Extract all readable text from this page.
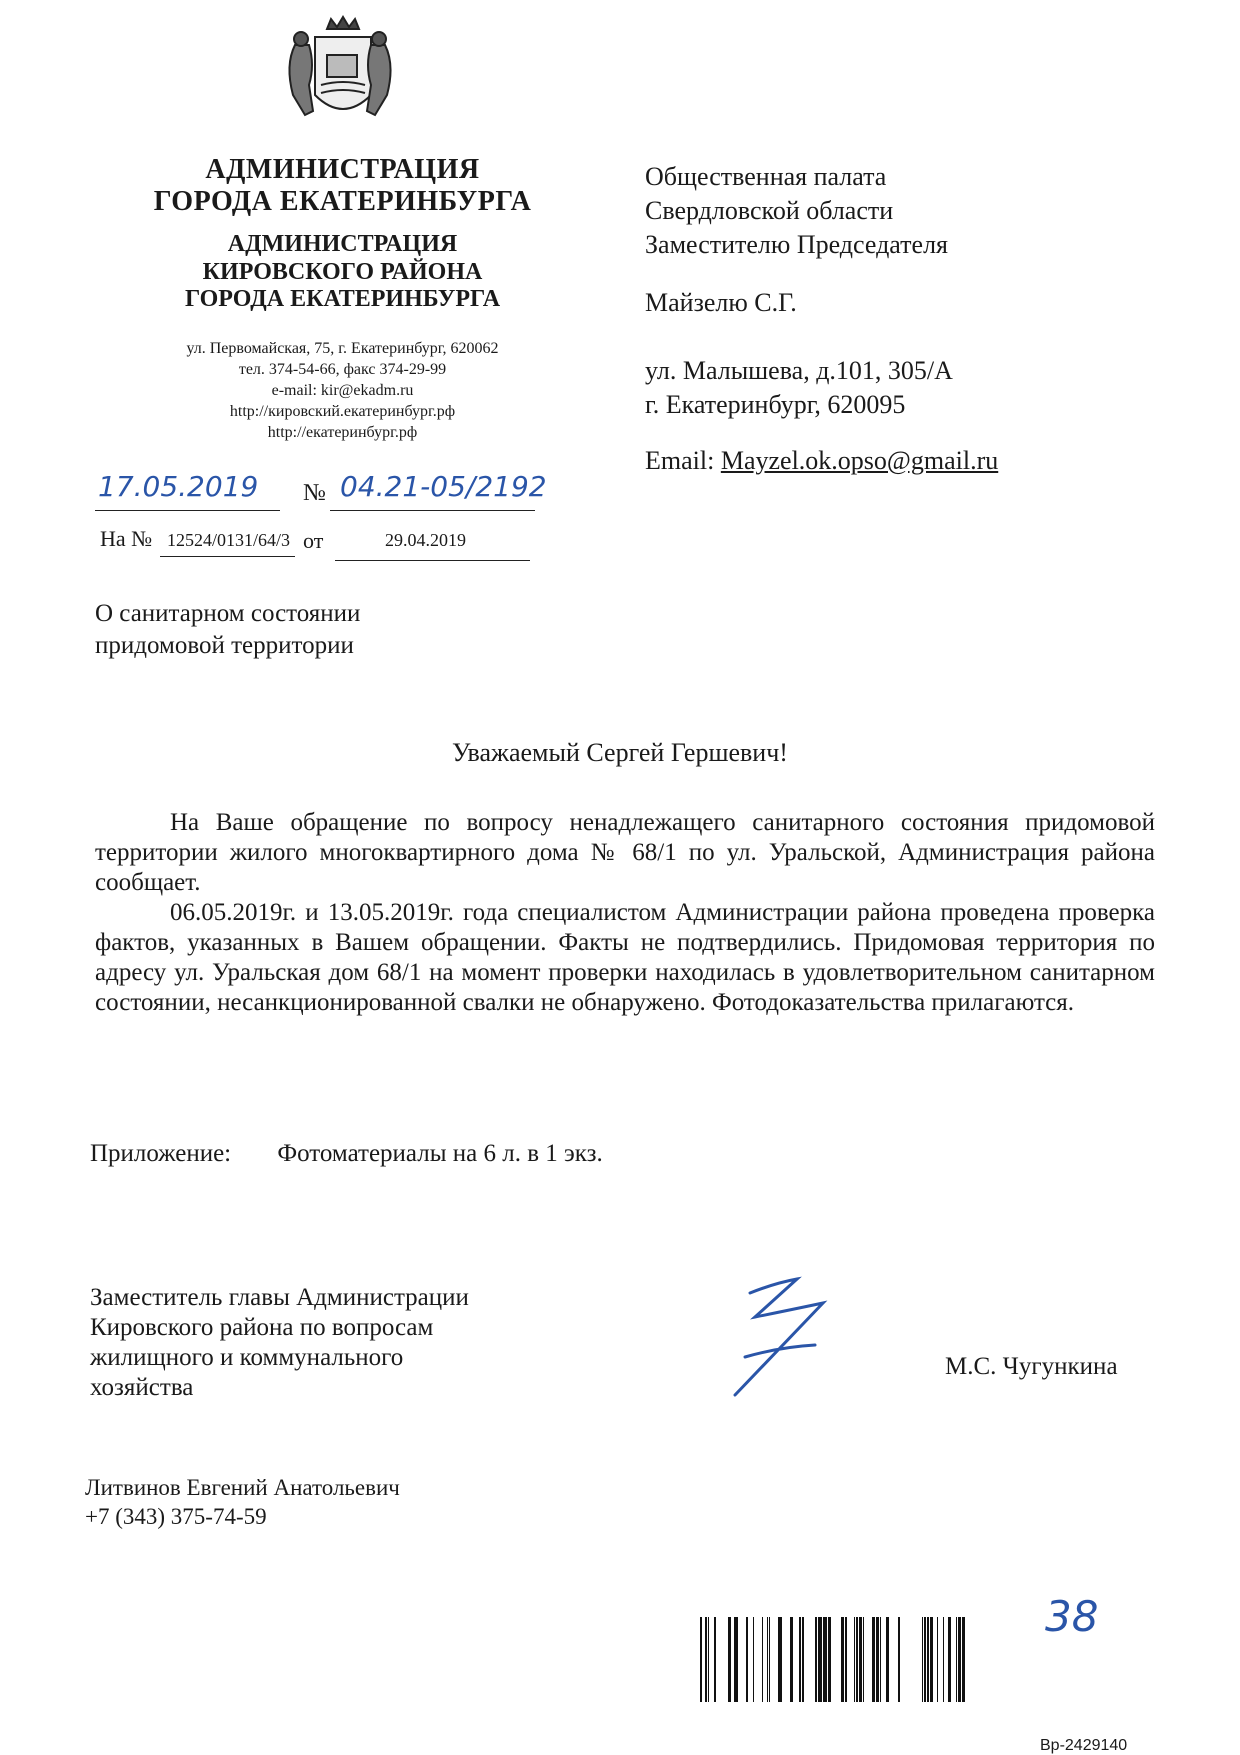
АДМИНИСТРАЦИЯ
ГОРОДА ЕКАТЕРИНБУРГА
АДМИНИСТРАЦИЯ
КИРОВСКОГО РАЙОНА
ГОРОДА ЕКАТЕРИНБУРГА
ул. Первомайская, 75, г. Екатеринбург, 620062
тел. 374-54-66, факс 374-29-99
e-mail: kir@ekadm.ru
http://кировский.екатеринбург.рф
http://екатеринбург.рф
17.05.2019 № 04.21-05/2192
На № 12524/0131/64/3 от	29.04.2019
Общественная палата
Свердловской области
Заместителю Председателя
Майзелю С.Г.
ул. Малышева, д.101, 305/А
г. Екатеринбург, 620095
Email: Mayzel.ok.opso@gmail.ru
О санитарном состоянии
придомовой территории
Уважаемый Сергей Гершевич!

На Ваше обращение по вопросу ненадлежащего санитарного состояния придомовой территории жилого многоквартирного дома № 68/1 по ул. Уральской, Администрация района сообщает.

06.05.2019г. и 13.05.2019г. года специалистом Администрации района проведена проверка фактов, указанных в Вашем обращении. Факты не подтвердились. Придомовая территория по адресу ул. Уральская дом 68/1 на момент проверки находилась в удовлетворительном санитарном состоянии, несанкционированной свалки не обнаружено. Фотодоказательства прилагаются.

Приложение: Фотоматериалы на 6 л. в 1 экз.
Заместитель главы Администрации
Кировского района по вопросам
жилищного и коммунального
хозяйства
М.С. Чугункина
Литвинов Евгений Анатольевич
+7 (343) 375-74-59
38
Вр-2429140
